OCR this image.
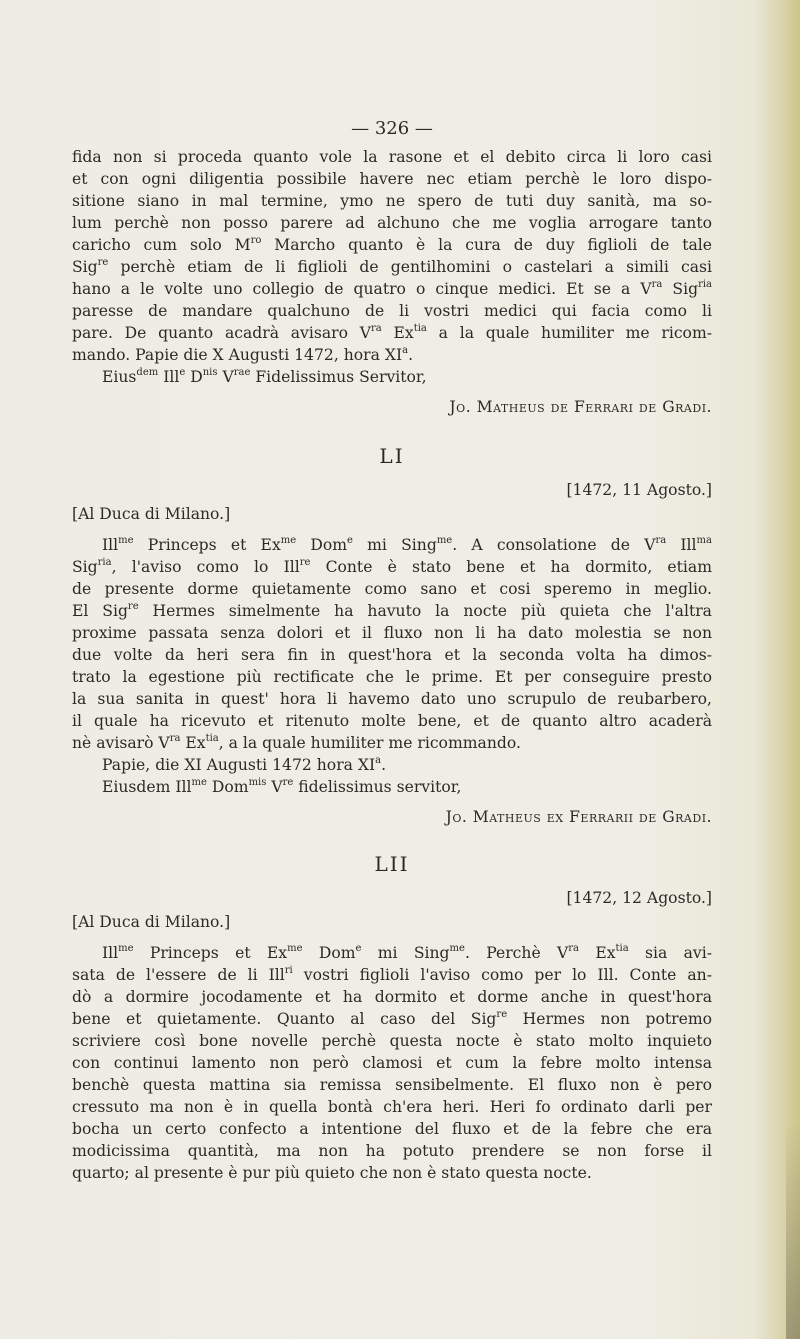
— 326 —
fida non si proceda quanto vole la rasone et el debito circa li loro casi
et con ogni diligentia possibile havere nec etiam perchè le loro dispo-
sitione siano in mal termine, ymo ne spero de tuti duy sanità, ma so-
lum perchè non posso parere ad alchuno che me voglia arrogare tanto
caricho cum solo $M^{ro}$ Marcho quanto è la cura de duy figlioli de tale
Sig$^{re}$ perchè etiam de li figlioli de gentilhomini o castelari a simili casi
hano a le volte uno collegio de quatro o cinque medici. Et se a $V^{ra}$ Sig$^{ria}$
paresse de mandare qualchuno de li vostri medici qui facia como li
pare. De quanto acadrà avisaro $V^{ra}$ $Ex^{tia}$ a la quale humiliter me ricom-
mando. Papie die X Augusti 1472, hora $XI^a$.
Eius$^{dem}$ Ill$^e$ $D^{nis}$ $V^{rae}$ Fidelissimus Servitor,
Jo. Matheus de Ferrari de Gradi.
LI
[1472, 11 Agosto.]
[Al Duca di Milano.]
Ill$^{me}$ Princeps et $Ex^{me}$ Dom$^e$ mi Sing$^{me}$. A consolatione de $V^{ra}$ Ill$^{ma}$
Sig$^{ria}$, l'aviso como lo Ill$^{re}$ Conte è stato bene et ha dormito, etiam
de presente dorme quietamente como sano et cosi speremo in meglio.
El Sig$^{re}$ Hermes simelmente ha havuto la nocte più quieta che l'altra
proxime passata senza dolori et il fluxo non li ha dato molestia se non
due volte da heri sera fin in quest'hora et la seconda volta ha dimos-
trato la egestione più rectificate che le prime. Et per conseguire presto
la sua sanita in quest' hora li havemo dato uno scrupulo de reubarbero,
il quale ha ricevuto et ritenuto molte bene, et de quanto altro acaderà
nè avisarò $V^{ra}$ $Ex^{tia}$, a la quale humiliter me ricommando.
Papie, die XI Augusti 1472 hora $XI^a$.
Eiusdem Ill$^{me}$ Dom$^{mis}$ Vre fidelissimus servitor,
Jo. Matheus ex Ferrarii de Gradi.
LII
[1472, 12 Agosto.]
[Al Duca di Milano.]
Ill$^{me}$ Princeps et $Ex^{me}$ Dom$^e$ mi Sing$^{me}$. Perchè $V^{ra}$ $Ex^{tia}$ sia avi-
sata de l'essere de li Ill$^{ri}$ vostri figlioli l'aviso como per lo Ill. Conte an-
dò a dormire jocodamente et ha dormito et dorme anche in quest'hora
bene et quietamente. Quanto al caso del Sig$^{re}$ Hermes non potremo
scriviere così bone novelle perchè questa nocte è stato molto inquieto
con continui lamento non però clamosi et cum la febre molto intensa
benchè questa mattina sia remissa sensibelmente. El fluxo non è pero
cressuto ma non è in quella bontà ch'era heri. Heri fo ordinato darli per
bocha un certo confecto a intentione del fluxo et de la febre che era
modicissima quantità, ma non ha potuto prendere se non forse il
quarto; al presente è pur più quieto che non è stato questa nocte.
